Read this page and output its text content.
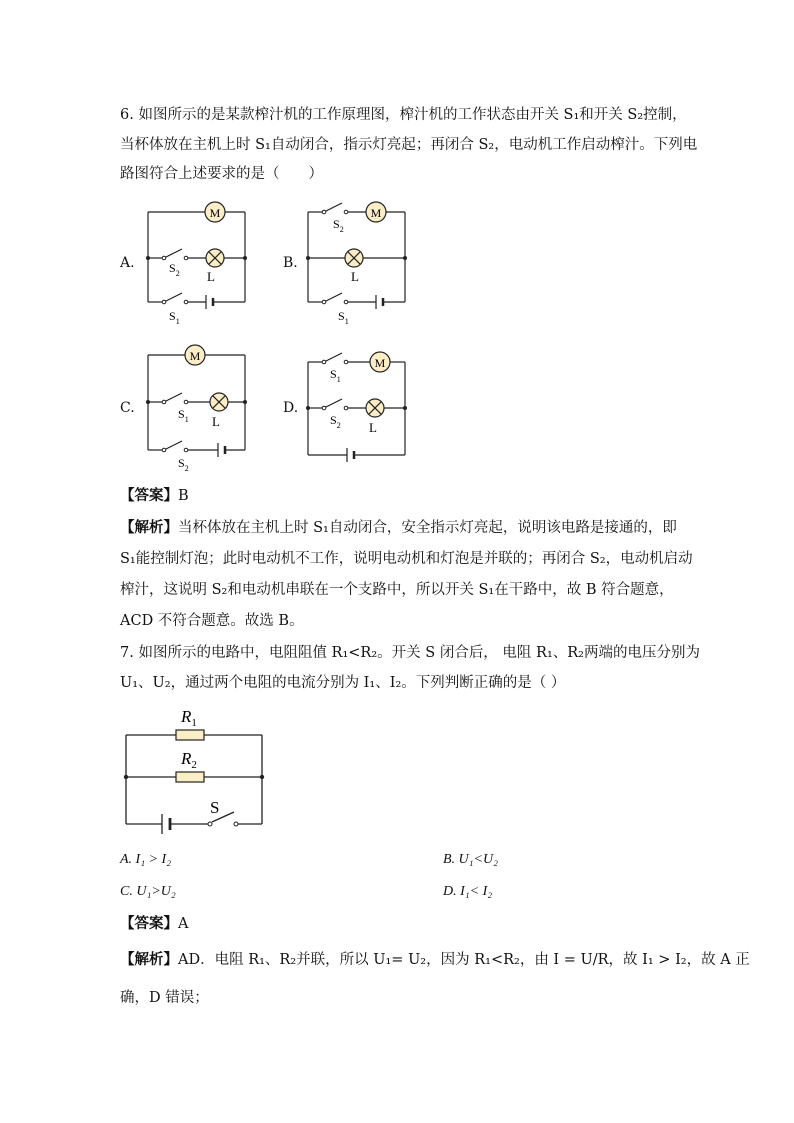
6. 如图所示的是某款榨汁机的工作原理图，榨汁机的工作状态由开关 S₁和开关 S₂控制，
当杯体放在主机上时 S₁自动闭合，指示灯亮起；再闭合 S₂，电动机工作启动榨汁。下列电
路图符合上述要求的是（　　）
A.	B.
C.	D.
M
L
$S_2$
$S_1$
M
L
$S_2$
$S_1$
M
L
$S_1$
$S_2$
M
L
$S_1$
$S_2$
【答案】B
【解析】当杯体放在主机上时 S₁自动闭合，安全指示灯亮起，说明该电路是接通的，即
S₁能控制灯泡；此时电动机不工作，说明电动机和灯泡是并联的；再闭合 S₂，电动机启动
榨汁，这说明 S₂和电动机串联在一个支路中，所以开关 S₁在干路中，故 B 符合题意，
ACD 不符合题意。故选 B。
7. 如图所示的电路中，电阻阻值 R₁<R₂。开关 S 闭合后， 电阻 R₁、R₂两端的电压分别为
U₁、U₂，通过两个电阻的电流分别为 I₁、I₂。下列判断正确的是（ ）
$R_1$
$R_2$
S
A. I₁ > I₂	B. U₁<U₂
C. U₁>U₂	D. I₁< I₂
【答案】A
【解析】AD．电阻 R₁、R₂并联，所以 U₁= U₂，因为 R₁<R₂，由 I = U/R，故 I₁ > I₂，故 A 正
确，D 错误；
